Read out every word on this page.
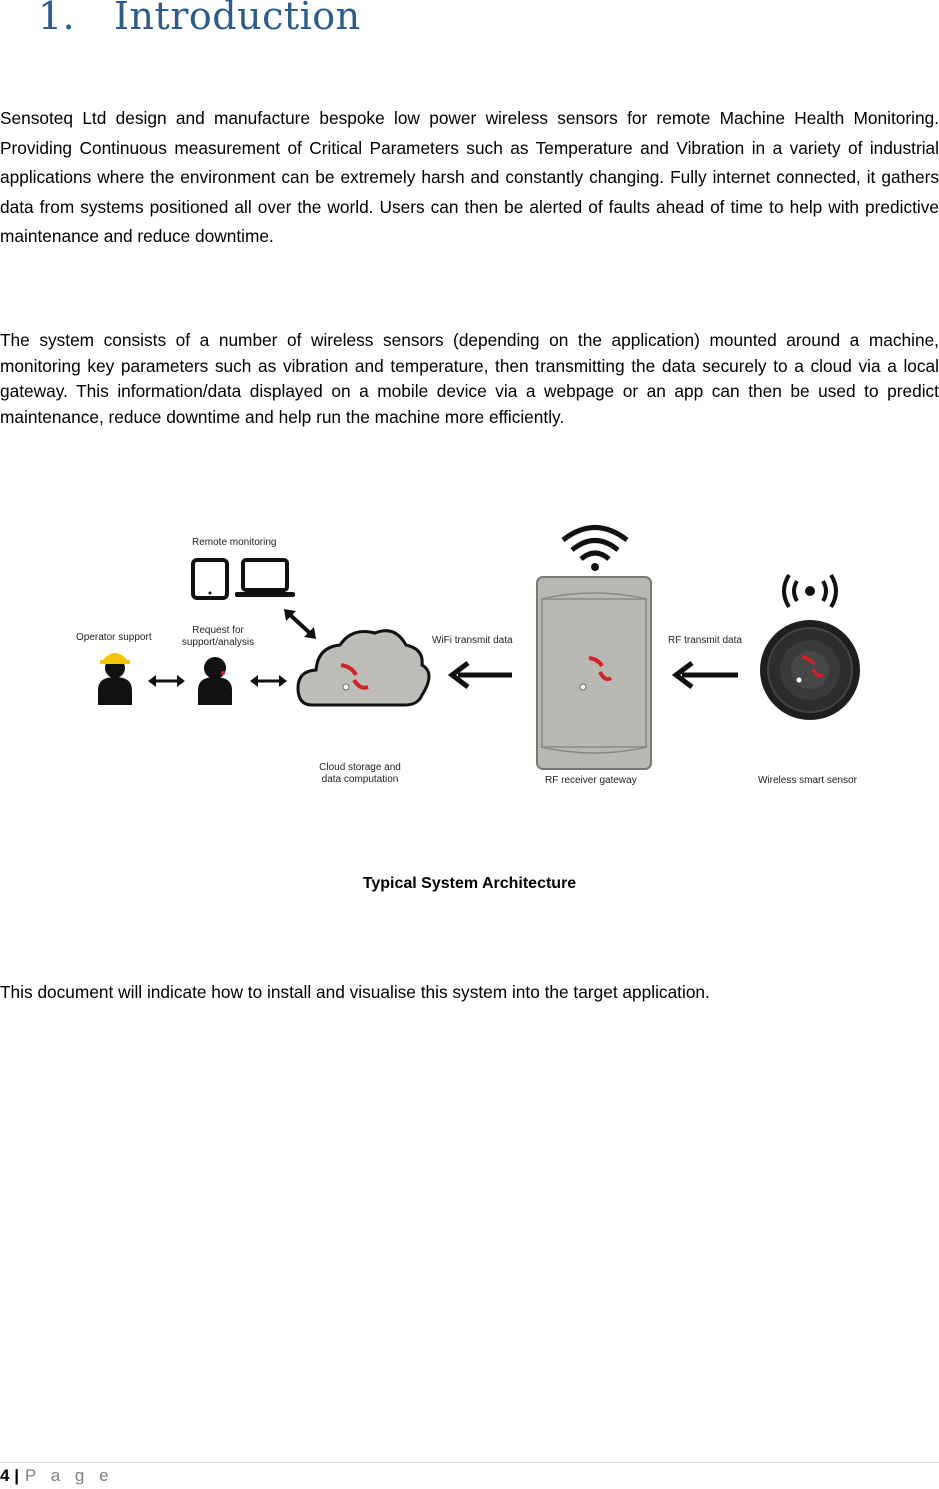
1. Introduction

Sensoteq Ltd design and manufacture bespoke low power wireless sensors for remote Machine Health Monitoring. Providing Continuous measurement of Critical Parameters such as Temperature and Vibration in a variety of industrial applications where the environment can be extremely harsh and constantly changing. Fully internet connected, it gathers data from systems positioned all over the world. Users can then be alerted of faults ahead of time to help with predictive maintenance and reduce downtime.

The system consists of a number of wireless sensors (depending on the application) mounted around a machine, monitoring key parameters such as vibration and temperature, then transmitting the data securely to a cloud via a local gateway. This information/data displayed on a mobile device via a webpage or an app can then be used to predict maintenance, reduce downtime and help run the machine more efficiently.

Remote monitoring
Operator support
Request for
support/analysis	WiFi transmit data	RF transmit data
Cloud storage and
data computation	RF receiver gateway	Wireless smart sensor
Typical System Architecture

This document will indicate how to install and visualise this system into the target application.

4 | P a g e
